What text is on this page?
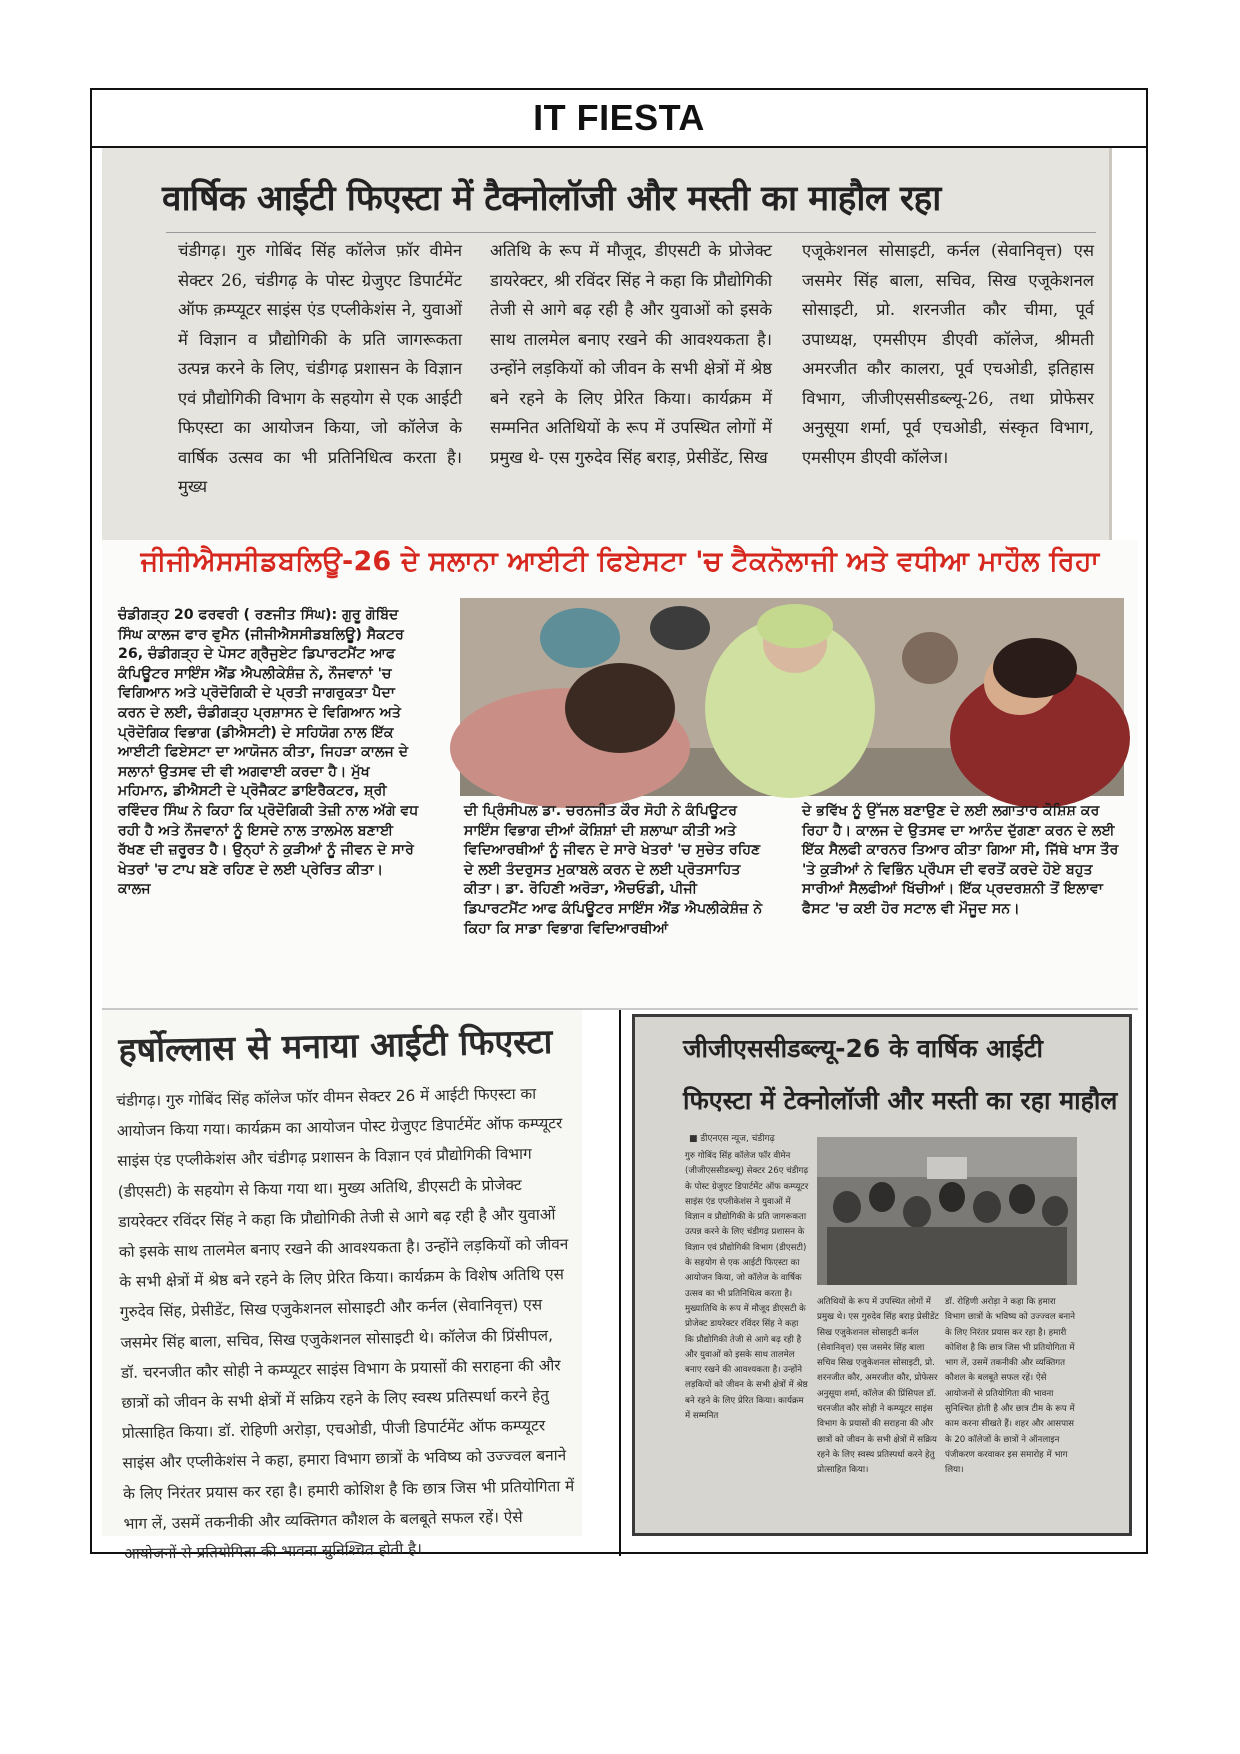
IT FIESTA
वार्षिक आईटी फिएस्टा में टैक्नोलॉजी और मस्ती का माहौल रहा
चंडीगढ़। गुरु गोबिंद सिंह कॉलेज फ़ॉर वीमेन सेक्टर 26, चंडीगढ़ के पोस्ट ग्रेजुएट डिपार्टमेंट ऑफ क़म्प्यूटर साइंस एंड एप्लीकेशंस ने, युवाओं में विज्ञान व प्रौद्योगिकी के प्रति जागरूकता उत्पन्न करने के लिए, चंडीगढ़ प्रशासन के विज्ञान एवं प्रौद्योगिकी विभाग के सहयोग से एक आईटी फिएस्टा का आयोजन किया, जो कॉलेज के वार्षिक उत्सव का भी प्रतिनिधित्व करता है। मुख्य
अतिथि के रूप में मौजूद, डीएसटी के प्रोजेक्ट डायरेक्टर, श्री रविंदर सिंह ने कहा कि प्रौद्योगिकी तेजी से आगे बढ़ रही है और युवाओं को इसके साथ तालमेल बनाए रखने की आवश्यकता है। उन्होंने लड़कियों को जीवन के सभी क्षेत्रों में श्रेष्ठ बने रहने के लिए प्रेरित किया। कार्यक्रम में सम्मनित अतिथियों के रूप में उपस्थित लोगों में प्रमुख थे- एस गुरुदेव सिंह बराड़, प्रेसीडेंट, सिख
एजूकेशनल सोसाइटी, कर्नल (सेवानिवृत्त) एस जसमेर सिंह बाला, सचिव, सिख एजूकेशनल सोसाइटी, प्रो. शरनजीत कौर चीमा, पूर्व उपाध्यक्ष, एमसीएम डीएवी कॉलेज, श्रीमती अमरजीत कौर कालरा, पूर्व एचओडी, इतिहास विभाग, जीजीएससीडब्ल्यू-26, तथा प्रोफेसर अनुसूया शर्मा, पूर्व एचओडी, संस्कृत विभाग, एमसीएम डीएवी कॉलेज।
ਜੀਜੀਐਸਸੀਡਬਲਿਊ-26 ਦੇ ਸਲਾਨਾ ਆਈਟੀ ਫਿਏਸਟਾ 'ਚ ਟੈਕਨੋਲਾਜੀ ਅਤੇ ਵਧੀਆ ਮਾਹੌਲ ਰਿਹਾ
ਚੰਡੀਗੜ੍ਹ 20 ਫਰਵਰੀ ( ਰਣਜੀਤ ਸਿੰਘ): ਗੁਰੂ ਗੋਬਿੰਦ ਸਿੰਘ ਕਾਲਜ ਫਾਰ ਵੁਮੈਨ (ਜੀਜੀਐਸਸੀਡਬਲਿਊ) ਸੈਕਟਰ 26, ਚੰਡੀਗੜ੍ਹ ਦੇ ਪੋਸਟ ਗ੍ਰੈਜੁਏਟ ਡਿਪਾਰਟਮੈਂਟ ਆਫ ਕੰਪਿਊਟਰ ਸਾਇੰਸ ਐਂਡ ਐਪਲੀਕੇਸ਼ੰਜ਼ ਨੇ, ਨੌਜਵਾਨਾਂ 'ਚ ਵਿਗਿਆਨ ਅਤੇ ਪ੍ਰੋਦੋਗਿਕੀ ਦੇ ਪ੍ਰਤੀ ਜਾਗਰੁਕਤਾ ਪੈਦਾ ਕਰਨ ਦੇ ਲਈ, ਚੰਡੀਗੜ੍ਹ ਪ੍ਰਸ਼ਾਸਨ ਦੇ ਵਿਗਿਆਨ ਅਤੇ ਪ੍ਰੋਦੋਗਿਕ ਵਿਭਾਗ (ਡੀਐਸਟੀ) ਦੇ ਸਹਿਯੋਗ ਨਾਲ ਇੱਕ ਆਈਟੀ ਫਿਏਸਟਾ ਦਾ ਆਯੋਜਨ ਕੀਤਾ, ਜਿਹੜਾ ਕਾਲਜ ਦੇ ਸਲਾਨਾਂ ਉਤਸਵ ਦੀ ਵੀ ਅਗਵਾਈ ਕਰਦਾ ਹੈ। ਮੁੱਖ ਮਹਿਮਾਨ, ਡੀਐਸਟੀ ਦੇ ਪ੍ਰੋਜੈਕਟ ਡਾਇਰੈਕਟਰ, ਸ਼੍ਰੀ ਰਵਿੰਦਰ ਸਿੰਘ ਨੇ ਕਿਹਾ ਕਿ ਪ੍ਰੋਦੋਗਿਕੀ ਤੇਜ਼ੀ ਨਾਲ ਅੱਗੇ ਵਧ ਰਹੀ ਹੈ ਅਤੇ ਨੌਜਵਾਨਾਂ ਨੂੰ ਇਸਦੇ ਨਾਲ ਤਾਲਮੇਲ ਬਣਾਈ ਰੱਖਣ ਦੀ ਜ਼ਰੂਰਤ ਹੈ। ਉਨ੍ਹਾਂ ਨੇ ਕੁੜੀਆਂ ਨੂੰ ਜੀਵਨ ਦੇ ਸਾਰੇ ਖੇਤਰਾਂ 'ਚ ਟਾਪ ਬਣੇ ਰਹਿਣ ਦੇ ਲਈ ਪ੍ਰੇਰਿਤ ਕੀਤਾ। ਕਾਲਜ
ਦੀ ਪ੍ਰਿੰਸੀਪਲ ਡਾ. ਚਰਨਜੀਤ ਕੌਰ ਸੋਹੀ ਨੇ ਕੰਪਿਊਟਰ ਸਾਇੰਸ ਵਿਭਾਗ ਦੀਆਂ ਕੋਸ਼ਿਸ਼ਾਂ ਦੀ ਸ਼ਲਾਘਾ ਕੀਤੀ ਅਤੇ ਵਿਦਿਆਰਥੀਆਂ ਨੂੰ ਜੀਵਨ ਦੇ ਸਾਰੇ ਖੇਤਰਾਂ 'ਚ ਸੁਚੇਤ ਰਹਿਣ ਦੇ ਲਈ ਤੰਦਰੁਸਤ ਮੁਕਾਬਲੇ ਕਰਨ ਦੇ ਲਈ ਪ੍ਰੋਤਸਾਹਿਤ ਕੀਤਾ। ਡਾ. ਰੋਹਿਣੀ ਅਰੋੜਾ, ਐਚਓਡੀ, ਪੀਜੀ ਡਿਪਾਰਟਮੈਂਟ ਆਫ ਕੰਪਿਊਟਰ ਸਾਇੰਸ ਐਂਡ ਐਪਲੀਕੇਸ਼ੰਜ਼ ਨੇ ਕਿਹਾ ਕਿ ਸਾਡਾ ਵਿਭਾਗ ਵਿਦਿਆਰਥੀਆਂ
ਦੇ ਭਵਿੱਖ ਨੂੰ ਉੱਜਲ ਬਣਾਉਣ ਦੇ ਲਈ ਲਗਾਤਾਰ ਕੋਸ਼ਿਸ਼ ਕਰ ਰਿਹਾ ਹੈ। ਕਾਲਜ ਦੇ ਉਤਸਵ ਦਾ ਆਨੰਦ ਦੁੱਗਣਾ ਕਰਨ ਦੇ ਲਈ ਇੱਕ ਸੈਲਫੀ ਕਾਰਨਰ ਤਿਆਰ ਕੀਤਾ ਗਿਆ ਸੀ, ਜਿੱਥੇ ਖਾਸ ਤੌਰ 'ਤੇ ਕੁੜੀਆਂ ਨੇ ਵਿਭਿੰਨ ਪ੍ਰੌਪਸ ਦੀ ਵਰਤੋਂ ਕਰਦੇ ਹੋਏ ਬਹੁਤ ਸਾਰੀਆਂ ਸੈਲਫੀਆਂ ਖਿੱਚੀਆਂ। ਇੱਕ ਪ੍ਰਦਰਸ਼ਨੀ ਤੋਂ ਇਲਾਵਾ ਫੈਸਟ 'ਚ ਕਈ ਹੋਰ ਸਟਾਲ ਵੀ ਮੌਜੂਦ ਸਨ।
हर्षोल्लास से मनाया आईटी फिएस्टा
चंडीगढ़। गुरु गोबिंद सिंह कॉलेज फॉर वीमन सेक्टर 26 में आईटी फिएस्टा का आयोजन किया गया। कार्यक्रम का आयोजन पोस्ट ग्रेजुएट डिपार्टमेंट ऑफ कम्प्यूटर साइंस एंड एप्लीकेशंस और चंडीगढ़ प्रशासन के विज्ञान एवं प्रौद्योगिकी विभाग (डीएसटी) के सहयोग से किया गया था। मुख्य अतिथि, डीएसटी के प्रोजेक्ट डायरेक्टर रविंदर सिंह ने कहा कि प्रौद्योगिकी तेजी से आगे बढ़ रही है और युवाओं को इसके साथ तालमेल बनाए रखने की आवश्यकता है। उन्होंने लड़कियों को जीवन के सभी क्षेत्रों में श्रेष्ठ बने रहने के लिए प्रेरित किया। कार्यक्रम के विशेष अतिथि एस गुरुदेव सिंह, प्रेसीडेंट, सिख एजुकेशनल सोसाइटी और कर्नल (सेवानिवृत्त) एस जसमेर सिंह बाला, सचिव, सिख एजुकेशनल सोसाइटी थे। कॉलेज की प्रिंसीपल, डॉ. चरनजीत कौर सोही ने कम्प्यूटर साइंस विभाग के प्रयासों की सराहना की और छात्रों को जीवन के सभी क्षेत्रों में सक्रिय रहने के लिए स्वस्थ प्रतिस्पर्धा करने हेतु प्रोत्साहित किया। डॉ. रोहिणी अरोड़ा, एचओडी, पीजी डिपार्टमेंट ऑफ कम्प्यूटर साइंस और एप्लीकेशंस ने कहा, हमारा विभाग छात्रों के भविष्य को उज्ज्वल बनाने के लिए निरंतर प्रयास कर रहा है। हमारी कोशिश है कि छात्र जिस भी प्रतियोगिता में भाग लें, उसमें तकनीकी और व्यक्तिगत कौशल के बलबूते सफल रहें। ऐसे आयोजनों से प्रतियोगिता की भावना सुनिश्चित होती है।
जीजीएससीडब्ल्यू-26 के वार्षिक आईटी
फिएस्टा में टेक्नोलॉजी और मस्ती का रहा माहौल
■ डीएनएस न्यूज, चंडीगढ़
गुरु गोबिंद सिंह कॉलेज फॉर वीमेन (जीजीएससीडब्ल्यू) सेक्टर 26ए चंडीगढ़ के पोस्ट ग्रेजुएट डिपार्टमेंट ऑफ कम्प्यूटर साइंस एंड एप्लीकेशंस ने युवाओं में विज्ञान व प्रौद्योगिकी के प्रति जागरूकता उत्पन्न करने के लिए चंडीगढ़ प्रशासन के विज्ञान एवं प्रौद्योगिकी विभाग (डीएसटी) के सहयोग से एक आईटी फिएस्टा का आयोजन किया, जो कॉलेज के वार्षिक उत्सव का भी प्रतिनिधित्व करता है। मुख्यातिथि के रूप में मौजूद डीएसटी के प्रोजेक्ट डायरेक्टर रविंदर सिंह ने कहा कि प्रौद्योगिकी तेजी से आगे बढ़ रही है और युवाओं को इसके साथ तालमेल बनाए रखने की आवश्यकता है। उन्होंने लड़कियों को जीवन के सभी क्षेत्रों में श्रेष्ठ बने रहने के लिए प्रेरित किया। कार्यक्रम में सम्मनित
अतिथियों के रूप में उपस्थित लोगों में प्रमुख थे। एस गुरुदेव सिंह बराड़ प्रेसीडेंट सिख एजुकेशनल सोसाइटी कर्नल (सेवानिवृत्त) एस जसमेर सिंह बाला सचिव सिख एजुकेशनल सोसाइटी, प्रो. शरनजीत कौर, अमरजीत कौर, प्रोफेसर अनुसूया शर्मा, कॉलेज की प्रिंसिपल डॉ. चरनजीत कौर सोही ने कम्प्यूटर साइंस विभाग के प्रयासों की सराहना की और छात्रों को जीवन के सभी क्षेत्रों में सक्रिय रहने के लिए स्वस्थ प्रतिस्पर्धा करने हेतु प्रोत्साहित किया।
डॉ. रोहिणी अरोड़ा ने कहा कि हमारा विभाग छात्रों के भविष्य को उज्ज्वल बनाने के लिए निरंतर प्रयास कर रहा है। हमारी कोशिश है कि छात्र जिस भी प्रतियोगिता में भाग लें, उसमें तकनीकी और व्यक्तिगत कौशल के बलबूते सफल रहें। ऐसे आयोजनों से प्रतियोगिता की भावना सुनिश्चित होती है और छात्र टीम के रूप में काम करना सीखते हैं। शहर और आसपास के 20 कॉलेजों के छात्रों ने ऑनलाइन पंजीकरण करवाकर इस समारोह में भाग लिया।
